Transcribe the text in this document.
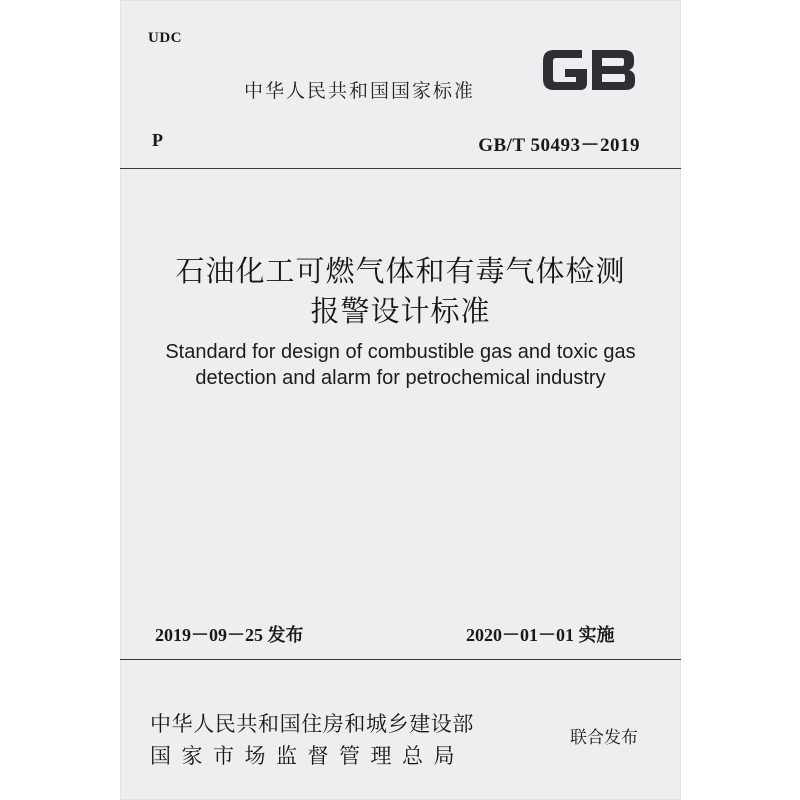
UDC
中华人民共和国国家标准
P	GB/T 50493－2019
石油化工可燃气体和有毒气体检测
报警设计标准
Standard for design of combustible gas and toxic gas
detection and alarm for petrochemical industry
2019－09－25 发布	2020－01－01 实施
中华人民共和国住房和城乡建设部
国家市场监督管理总局
联合发布
